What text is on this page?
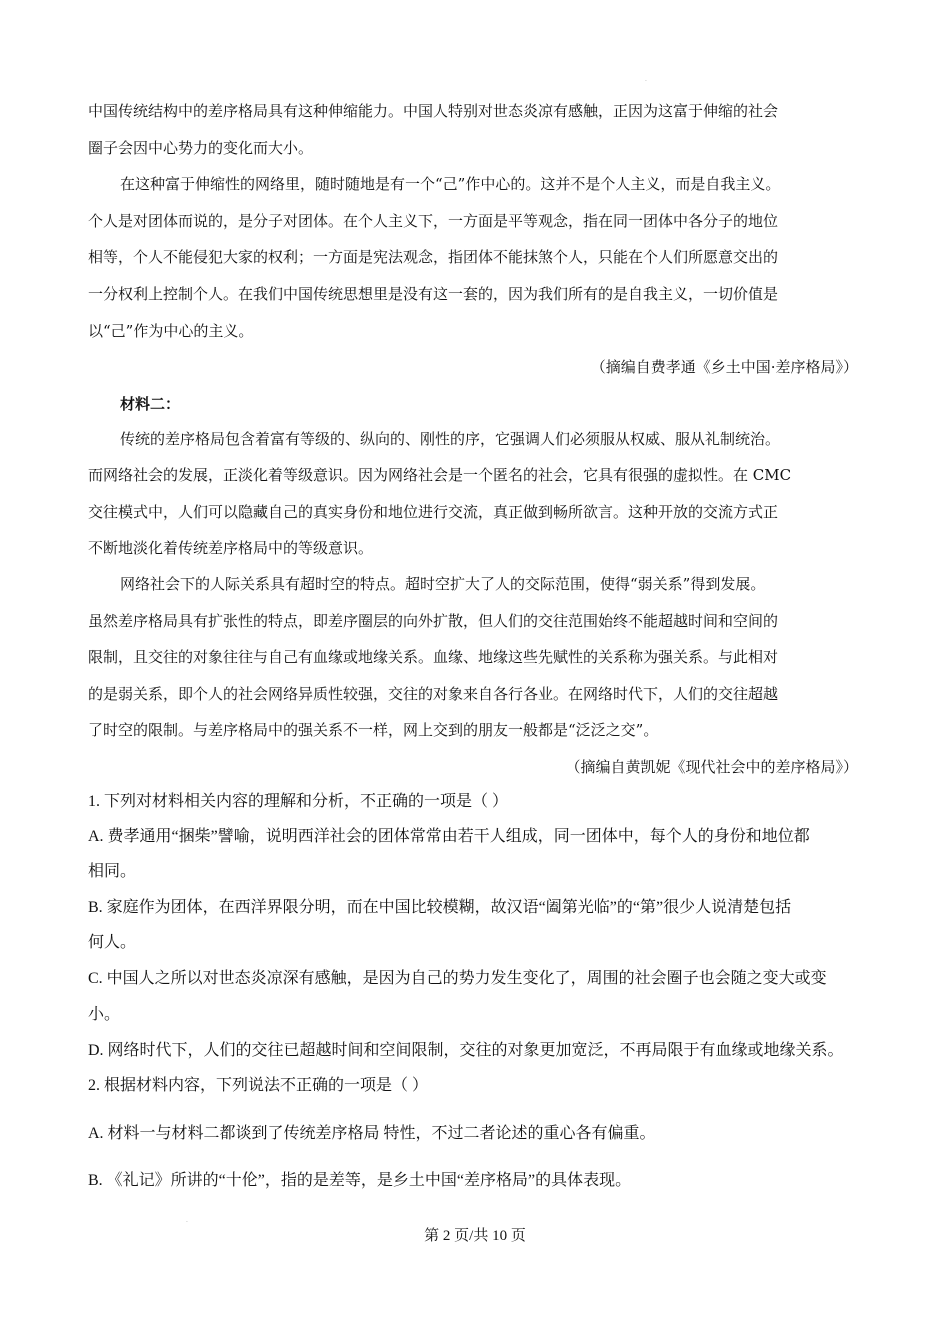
·
中国传统结构中的差序格局具有这种伸缩能力。中国人特别对世态炎凉有感触，正因为这富于伸缩的社会
圈子会因中心势力的变化而大小。
在这种富于伸缩性的网络里，随时随地是有一个“己”作中心的。这并不是个人主义，而是自我主义。
个人是对团体而说的，是分子对团体。在个人主义下，一方面是平等观念，指在同一团体中各分子的地位
相等，个人不能侵犯大家的权利；一方面是宪法观念，指团体不能抹煞个人，只能在个人们所愿意交出的
一分权利上控制个人。在我们中国传统思想里是没有这一套的，因为我们所有的是自我主义，一切价值是
以“己”作为中心的主义。
（摘编自费孝通《乡土中国·差序格局》）
材料二：
传统的差序格局包含着富有等级的、纵向的、刚性的序，它强调人们必须服从权威、服从礼制统治。
而网络社会的发展，正淡化着等级意识。因为网络社会是一个匿名的社会，它具有很强的虚拟性。在 CMC
交往模式中，人们可以隐藏自己的真实身份和地位进行交流，真正做到畅所欲言。这种开放的交流方式正
不断地淡化着传统差序格局中的等级意识。
网络社会下的人际关系具有超时空的特点。超时空扩大了人的交际范围，使得“弱关系”得到发展。
虽然差序格局具有扩张性的特点，即差序圈层的向外扩散，但人们的交往范围始终不能超越时间和空间的
限制，且交往的对象往往与自己有血缘或地缘关系。血缘、地缘这些先赋性的关系称为强关系。与此相对
的是弱关系，即个人的社会网络异质性较强，交往的对象来自各行各业。在网络时代下，人们的交往超越
了时空的限制。与差序格局中的强关系不一样，网上交到的朋友一般都是“泛泛之交”。
（摘编自黄凯妮《现代社会中的差序格局》）
1. 下列对材料相关内容的理解和分析，不正确的一项是（ ）
A. 费孝通用“捆柴”譬喻，说明西洋社会的团体常常由若干人组成，同一团体中，每个人的身份和地位都
相同。
B. 家庭作为团体，在西洋界限分明，而在中国比较模糊，故汉语“阖第光临”的“第”很少人说清楚包括
何人。
C. 中国人之所以对世态炎凉深有感触，是因为自己的势力发生变化了，周围的社会圈子也会随之变大或变
小。
D. 网络时代下，人们的交往已超越时间和空间限制，交往的对象更加宽泛，不再局限于有血缘或地缘关系。
2. 根据材料内容，下列说法不正确的一项是（ ）
A. 材料一与材料二都谈到了传统差序格局 特性，不过二者论述的重心各有偏重。
B. 《礼记》所讲的“十伦”，指的是差等，是乡土中国“差序格局”的具体表现。
·
第 2 页/共 10 页
